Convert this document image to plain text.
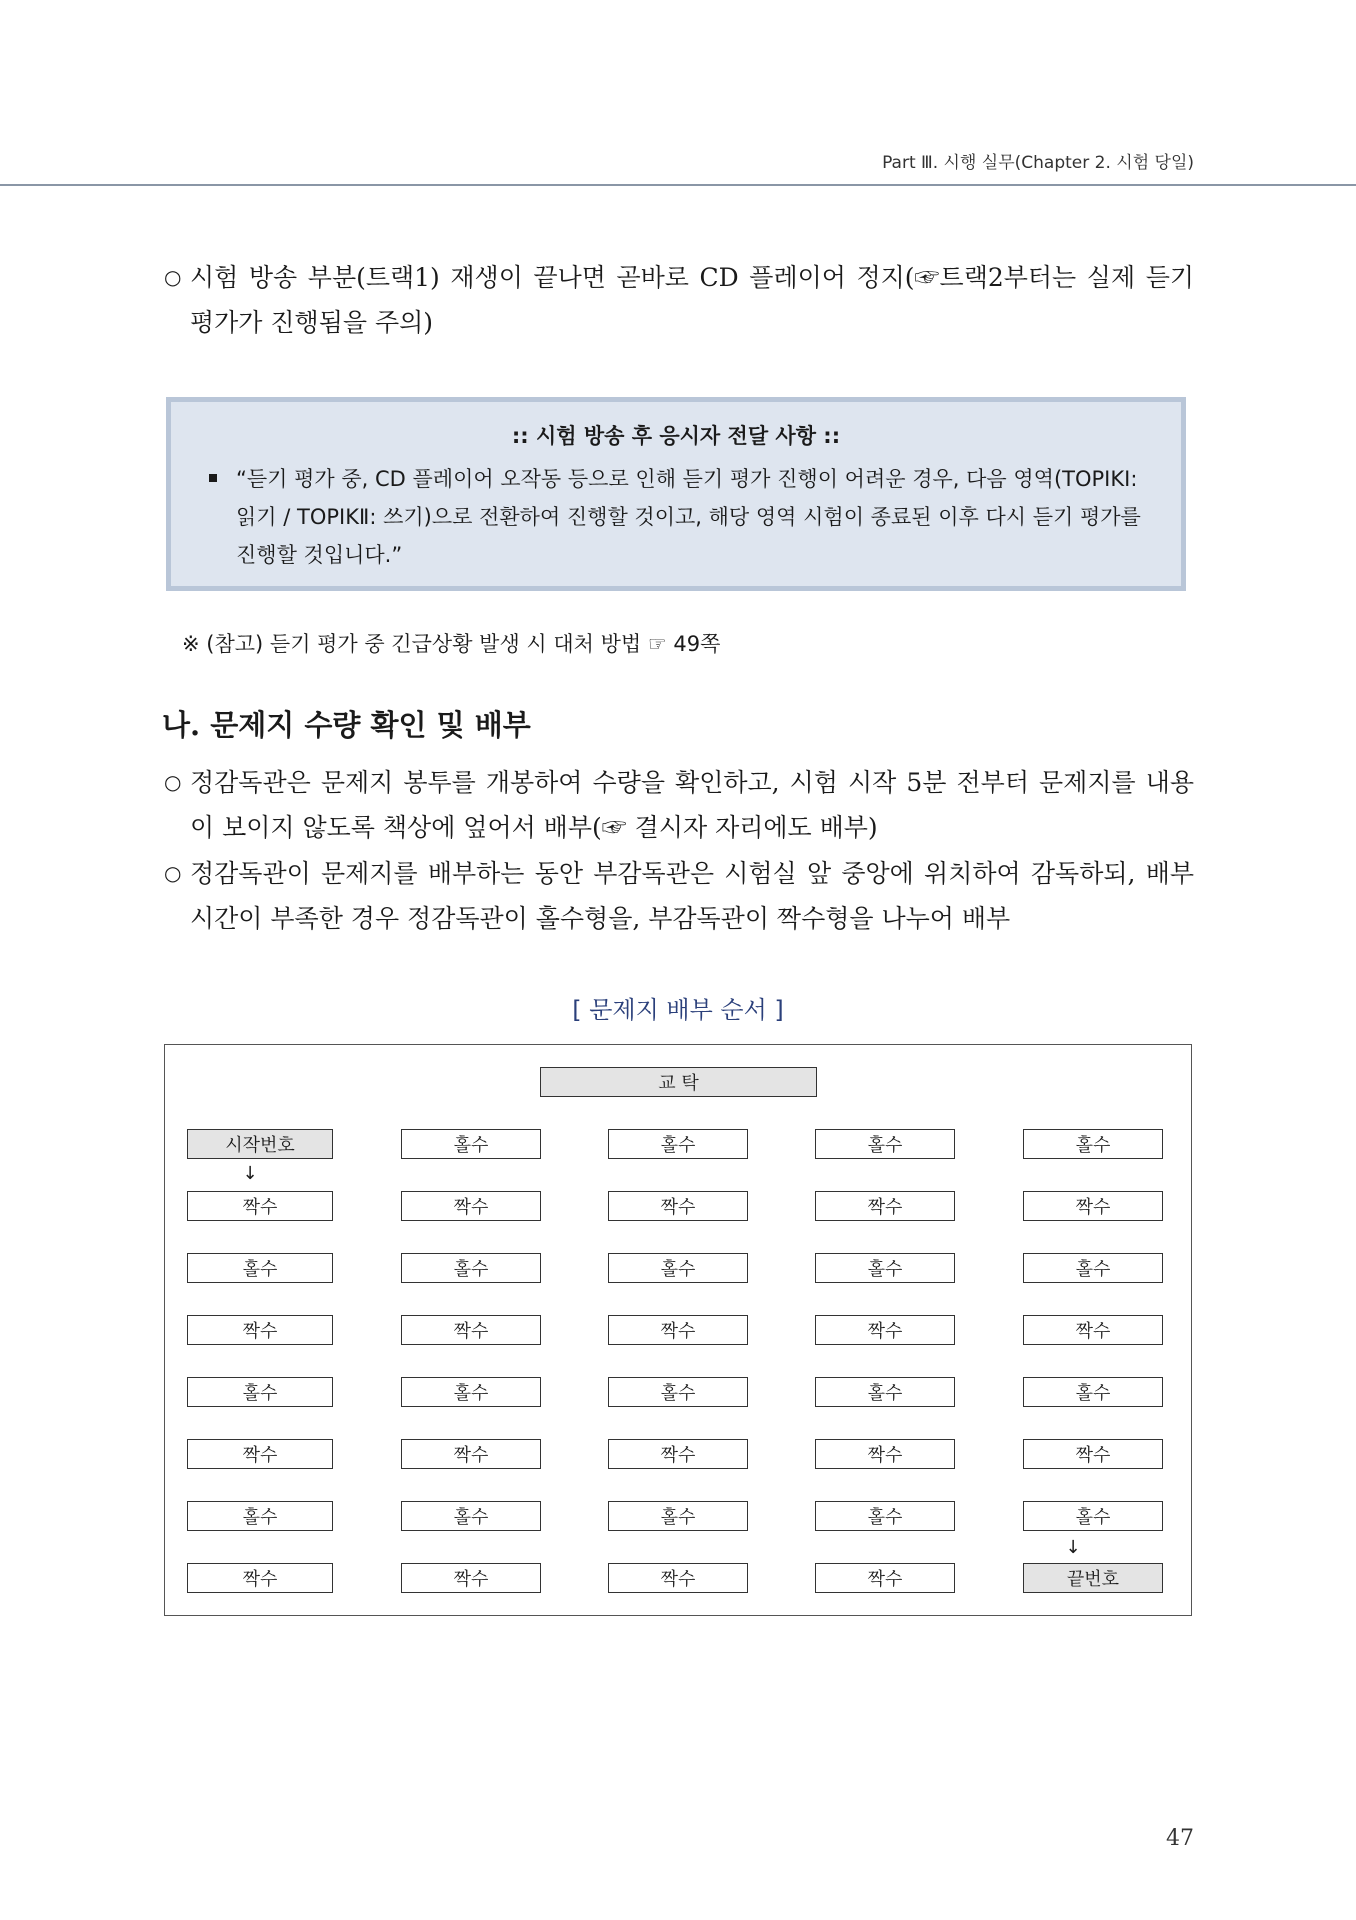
Part Ⅲ. 시행 실무(Chapter 2. 시험 당일)
○ 시험 방송 부분(트랙1) 재생이 끝나면 곧바로 CD 플레이어 정지(☞트랙2부터는 실제 듣기 평가가 진행됨을 주의)
:: 시험 방송 후 응시자 전달 사항 ::
“듣기 평가 중, CD 플레이어 오작동 등으로 인해 듣기 평가 진행이 어려운 경우, 다음 영역(TOPIKⅠ: 읽기 / TOPIKⅡ: 쓰기)으로 전환하여 진행할 것이고, 해당 영역 시험이 종료된 이후 다시 듣기 평가를 진행할 것입니다.”
※ (참고) 듣기 평가 중 긴급상황 발생 시 대처 방법 ☞ 49쪽
나. 문제지 수량 확인 및 배부
○ 정감독관은 문제지 봉투를 개봉하여 수량을 확인하고, 시험 시작 5분 전부터 문제지를 내용이 보이지 않도록 책상에 엎어서 배부(☞ 결시자 자리에도 배부)
○ 정감독관이 문제지를 배부하는 동안 부감독관은 시험실 앞 중앙에 위치하여 감독하되, 배부 시간이 부족한 경우 정감독관이 홀수형을, 부감독관이 짝수형을 나누어 배부
[ 문제지 배부 순서 ]
교 탁
↓
↓
시작번호	홀수	홀수	홀수	홀수
짝수	짝수	짝수	짝수	짝수
홀수	홀수	홀수	홀수	홀수
짝수	짝수	짝수	짝수	짝수
홀수	홀수	홀수	홀수	홀수
짝수	짝수	짝수	짝수	짝수
홀수	홀수	홀수	홀수	홀수
짝수	짝수	짝수	짝수	끝번호
47
